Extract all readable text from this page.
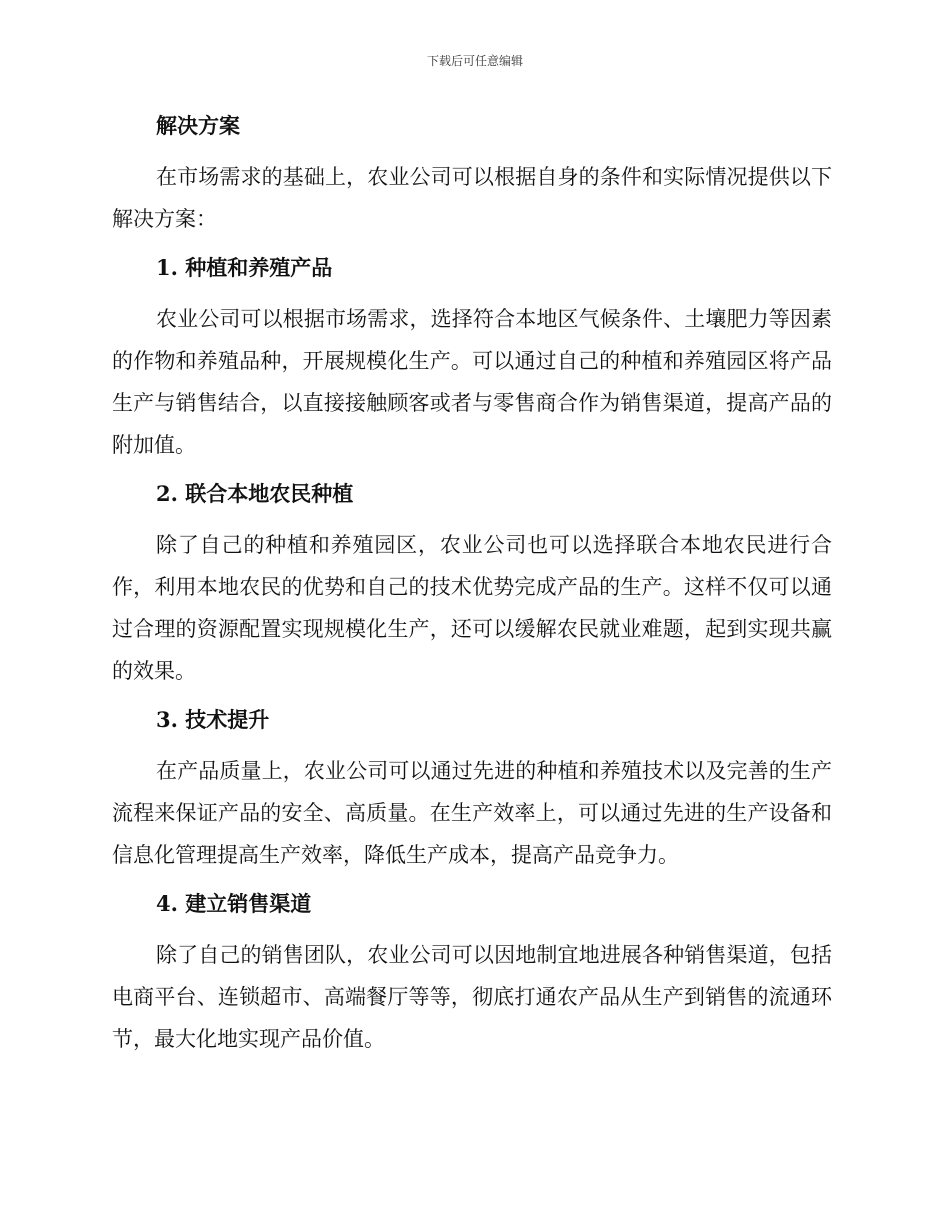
下载后可任意编辑
解决方案

在市场需求的基础上，农业公司可以根据自身的条件和实际情况提供以下解决方案：

1. 种植和养殖产品

农业公司可以根据市场需求，选择符合本地区气候条件、土壤肥力等因素的作物和养殖品种，开展规模化生产。可以通过自己的种植和养殖园区将产品生产与销售结合，以直接接触顾客或者与零售商合作为销售渠道，提高产品的附加值。

2. 联合本地农民种植

除了自己的种植和养殖园区，农业公司也可以选择联合本地农民进行合作，利用本地农民的优势和自己的技术优势完成产品的生产。这样不仅可以通过合理的资源配置实现规模化生产，还可以缓解农民就业难题，起到实现共赢的效果。

3. 技术提升

在产品质量上，农业公司可以通过先进的种植和养殖技术以及完善的生产流程来保证产品的安全、高质量。在生产效率上，可以通过先进的生产设备和信息化管理提高生产效率，降低生产成本，提高产品竞争力。

4. 建立销售渠道

除了自己的销售团队，农业公司可以因地制宜地进展各种销售渠道，包括电商平台、连锁超市、高端餐厅等等，彻底打通农产品从生产到销售的流通环节，最大化地实现产品价值。
